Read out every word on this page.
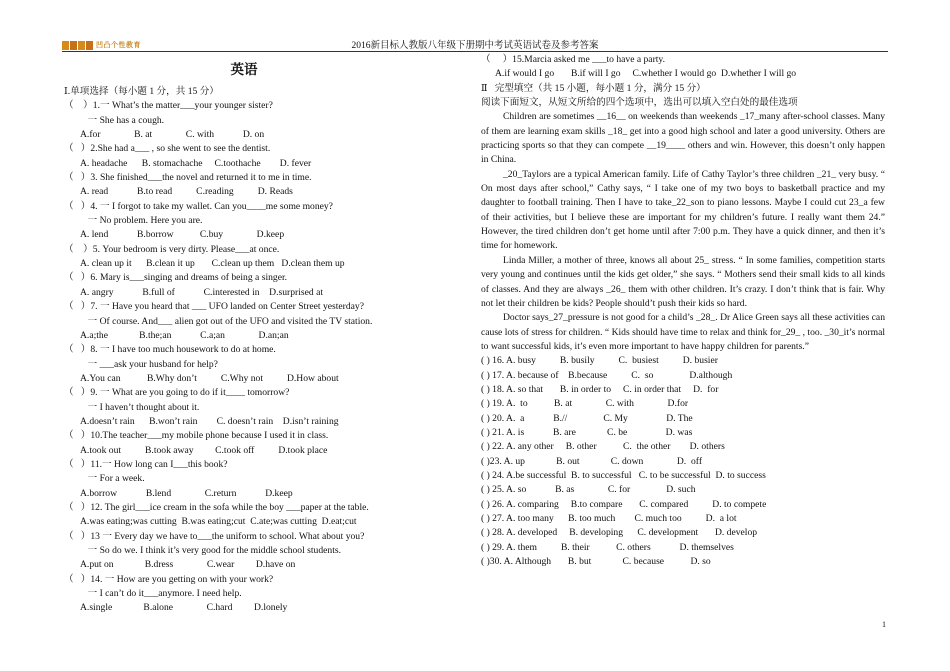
凹凸个性教育	2016新目标人教版八年级下册期中考试英语试卷及参考答案
英语
Ⅰ.单项选择（每小题 1 分，共 15 分）
（    ）1.一 What’s the matter___your younger sister?
一 She has a cough.
A.for              B. at              C. with            D. on
（   ）2.She had a___ , so she went to see the dentist.
A. headache      B. stomachache     C.toothache        D. fever
（   ）3. She finished___the novel and returned it to me in time.
A. read            B.to read          C.reading          D. Reads
（   ）4. 一 I forgot to take my wallet. Can you____me some money?
一 No problem. Here you are.
A. lend            B.borrow           C.buy              D.keep
（    ）5. Your bedroom is very dirty. Please___at once.
A. clean up it      B.clean it up       C.clean up them   D.clean them up
（   ）6. Mary is___singing and dreams of being a singer.
A. angry            B.full of            C.interested in    D.surprised at
（   ）7. 一 Have you heard that ___ UFO landed on Center Street yesterday?
一 Of course. And___ alien got out of the UFO and visited the TV station.
A.a;the             B.the;an            C.a;an              D.an;an
（   ）8. 一 I have too much housework to do at home.
一 ___ask your husband for help?
A.You can           B.Why don’t          C.Why not          D.How about
（   ）9. 一 What are you going to do if it____ tomorrow?
一 I haven’t thought about it.
A.doesn’t rain      B.won’t rain        C. doesn’t rain    D.isn’t raining
（   ）10.The teacher___my mobile phone because I used it in class.
A.took out          B.took away         C.took off          D.took place
（   ）11.一 How long can I___this book?
一 For a week.
A.borrow            B.lend              C.return            D.keep
（   ）12. The girl___ice cream in the sofa while the boy ___paper at the table.
A.was eating;was cutting  B.was eating;cut  C.ate;was cutting  D.eat;cut
（   ）13 一 Every day we have to___the uniform to school. What about you?
一 So do we. I think it’s very good for the middle school students.
A.put on             B.dress              C.wear         D.have on
（   ）14. 一 How are you getting on with your work?
一 I can’t do it___anymore. I need help.
A.single             B.alone              C.hard         D.lonely
（     ）15.Marcia asked me ___to have a party.
A.if would I go       B.if will I go     C.whether I would go  D.whether I will go
Ⅱ   完型填空（共 15 小题，每小题 1 分，满分 15 分）
阅读下面短文，从短文所给的四个选项中，选出可以填入空白处的最佳选项
Children are sometimes __16__ on weekends than weekends _17_many after-school classes. Many of them are learning exam skills _18_ get into a good high school and later a good university. Others are practicing sports so that they can compete __19____ others and win. However, this doesn’t only happen in China.
_20_Taylors are a typical American family. Life of Cathy Taylor’s three children _21_ very busy. “ On most days after school,” Cathy says, “ I take one of my two boys to basketball practice and my daughter to football training. Then I have to take_22_son to piano lessons. Maybe I could cut 23_a few of their activities, but I believe these are important for my children’s future. I really want them 24.” However, the tired children don’t get home until after 7:00 p.m. They have a quick dinner, and then it’s time for homework.
Linda Miller, a mother of three, knows all about 25_ stress. “ In some families, competition starts very young and continues until the kids get older,” she says. “ Mothers send their small kids to all kinds of classes. And they are always _26_ them with other children. It’s crazy. I don’t think that is fair. Why not let their children be kids? People should’t push their kids so hard.
Doctor says_27_pressure is not good for a child’s _28_. Dr Alice Green says all these activities can cause lots of stress for children. “ Kids should have time to relax and think for_29_ , too. _30_it’s normal to want successful kids, it’s even more important to have happy children for parents.”
( ) 16. A. busy          B. busily          C.  busiest          D. busier
( ) 17. A. because of    B.because          C.  so               D.although
( ) 18. A. so that       B. in order to     C. in order that     D.  for
( ) 19. A.  to           B. at              C. with              D.for
( ) 20. A.  a            B.//               C. My                D. The
( ) 21. A. is            B. are             C. be                D. was
( ) 22. A. any other     B. other           C.  the other        D. others
( )23. A. up             B. out             C. down              D.  off
( ) 24. A.be successful  B. to successful   C. to be successful  D. to success
( ) 25. A. so            B. as              C. for               D. such
( ) 26. A. comparing     B.to compare       C. compared          D. to compete
( ) 27. A. too many      B. too much        C. much too          D.  a lot
( ) 28. A. developed     B. developing      C. development       D. develop
( ) 29. A. them          B. their           C. others            D. themselves
( )30. A. Although       B. but             C. because           D. so
1
